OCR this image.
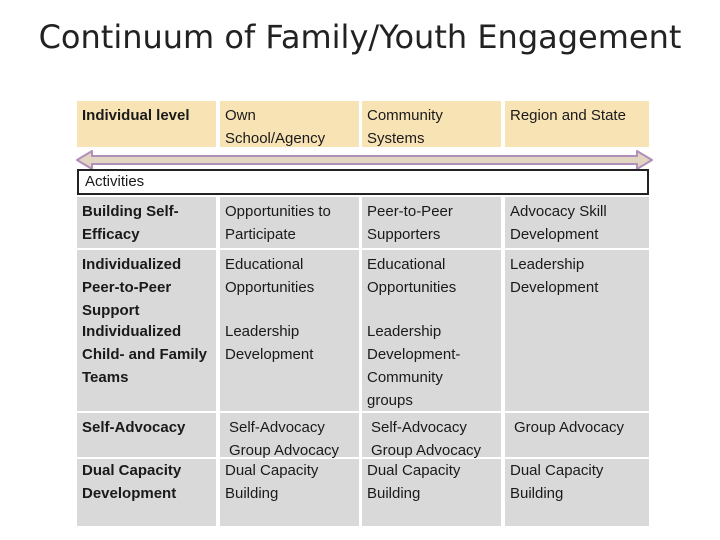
Continuum of Family/Youth Engagement
Individual level	Own School/Agency
Community Systems
Region and State
Activities
Building Self-Efficacy
Individualized Peer-to-Peer Support
Individualized Child- and Family Teams
Self-Advocacy
Dual Capacity Development
Opportunities to Participate
Educational Opportunities
Leadership Development
Self-Advocacy Group Advocacy
Dual Capacity Building
Peer-to-Peer Supporters
Educational Opportunities
Leadership Development-Community groups
Self-Advocacy Group Advocacy
Dual Capacity Building
Advocacy Skill Development
Leadership Development
Group Advocacy
Dual Capacity Building
